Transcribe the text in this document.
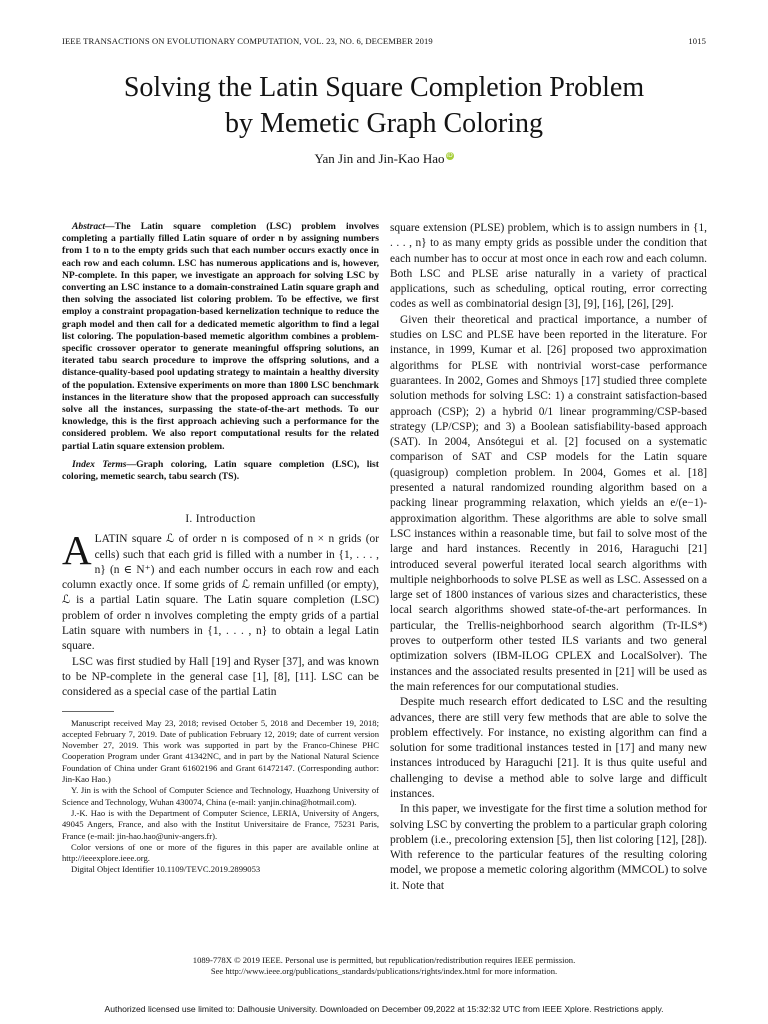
IEEE TRANSACTIONS ON EVOLUTIONARY COMPUTATION, VOL. 23, NO. 6, DECEMBER 2019	1015
Solving the Latin Square Completion Problem
by Memetic Graph Coloring
Yan Jin and Jin-Kao Hao iD

Abstract—The Latin square completion (LSC) problem involves completing a partially filled Latin square of order n by assigning numbers from 1 to n to the empty grids such that each number occurs exactly once in each row and each column. LSC has numerous applications and is, however, NP-complete. In this paper, we investigate an approach for solving LSC by converting an LSC instance to a domain-constrained Latin square graph and then solving the associated list coloring problem. To be effective, we first employ a constraint propagation-based kernelization technique to reduce the graph model and then call for a dedicated memetic algorithm to find a legal list coloring. The population-based memetic algorithm combines a problem-specific crossover operator to generate meaningful offspring solutions, an iterated tabu search procedure to improve the offspring solutions, and a distance-quality-based pool updating strategy to maintain a healthy diversity of the population. Extensive experiments on more than 1800 LSC benchmark instances in the literature show that the proposed approach can successfully solve all the instances, surpassing the state-of-the-art methods. To our knowledge, this is the first approach achieving such a performance for the considered problem. We also report computational results for the related partial Latin square extension problem.

Index Terms—Graph coloring, Latin square completion (LSC), list coloring, memetic search, tabu search (TS).

I. Introduction

ALATIN square ℒ of order n is composed of n × n grids (or cells) such that each grid is filled with a number in {1, . . . , n} (n ∈ N⁺) and each number occurs in each row and each column exactly once. If some grids of ℒ remain unfilled (or empty), ℒ is a partial Latin square. The Latin square completion (LSC) problem of order n involves completing the empty grids of a partial Latin square with numbers in {1, . . . , n} to obtain a legal Latin square.

LSC was first studied by Hall [19] and Ryser [37], and was known to be NP-complete in the general case [1], [8], [11]. LSC can be considered as a special case of the partial Latin

Manuscript received May 23, 2018; revised October 5, 2018 and December 19, 2018; accepted February 7, 2019. Date of publication February 12, 2019; date of current version November 27, 2019. This work was supported in part by the Franco-Chinese PHC Cooperation Program under Grant 41342NC, and in part by the National Natural Science Foundation of China under Grant 61602196 and Grant 61472147. (Corresponding author: Jin-Kao Hao.)

Y. Jin is with the School of Computer Science and Technology, Huazhong University of Science and Technology, Wuhan 430074, China (e-mail: yanjin.china@hotmail.com).

J.-K. Hao is with the Department of Computer Science, LERIA, University of Angers, 49045 Angers, France, and also with the Institut Universitaire de France, 75231 Paris, France (e-mail: jin-hao.hao@univ-angers.fr).

Color versions of one or more of the figures in this paper are available online at http://ieeexplore.ieee.org.

Digital Object Identifier 10.1109/TEVC.2019.2899053

square extension (PLSE) problem, which is to assign numbers in {1, . . . , n} to as many empty grids as possible under the condition that each number has to occur at most once in each row and each column. Both LSC and PLSE arise naturally in a variety of practical applications, such as scheduling, optical routing, error correcting codes as well as combinatorial design [3], [9], [16], [26], [29].

Given their theoretical and practical importance, a number of studies on LSC and PLSE have been reported in the literature. For instance, in 1999, Kumar et al. [26] proposed two approximation algorithms for PLSE with nontrivial worst-case performance guarantees. In 2002, Gomes and Shmoys [17] studied three complete solution methods for solving LSC: 1) a constraint satisfaction-based approach (CSP); 2) a hybrid 0/1 linear programming/CSP-based strategy (LP/CSP); and 3) a Boolean satisfiability-based approach (SAT). In 2004, Ansótegui et al. [2] focused on a systematic comparison of SAT and CSP models for the Latin square (quasigroup) completion problem. In 2004, Gomes et al. [18] presented a natural randomized rounding algorithm based on a packing linear programming relaxation, which yields an e/(e−1)-approximation algorithm. These algorithms are able to solve small LSC instances within a reasonable time, but fail to solve most of the large and hard instances. Recently in 2016, Haraguchi [21] introduced several powerful iterated local search algorithms with multiple neighborhoods to solve PLSE as well as LSC. Assessed on a large set of 1800 instances of various sizes and characteristics, these local search algorithms showed state-of-the-art performances. In particular, the Trellis-neighborhood search algorithm (Tr-ILS*) proves to outperform other tested ILS variants and two general optimization solvers (IBM-ILOG CPLEX and LocalSolver). The instances and the associated results presented in [21] will be used as the main references for our computational studies.

Despite much research effort dedicated to LSC and the resulting advances, there are still very few methods that are able to solve the problem effectively. For instance, no existing algorithm can find a solution for some traditional instances tested in [17] and many new instances introduced by Haraguchi [21]. It is thus quite useful and challenging to devise a method able to solve large and difficult instances.

In this paper, we investigate for the first time a solution method for solving LSC by converting the problem to a particular graph coloring problem (i.e., precoloring extension [5], then list coloring [12], [28]). With reference to the particular features of the resulting coloring model, we propose a memetic coloring algorithm (MMCOL) to solve it. Note that

1089-778X © 2019 IEEE. Personal use is permitted, but republication/redistribution requires IEEE permission.
See http://www.ieee.org/publications_standards/publications/rights/index.html for more information.
Authorized licensed use limited to: Dalhousie University. Downloaded on December 09,2022 at 15:32:32 UTC from IEEE Xplore. Restrictions apply.
